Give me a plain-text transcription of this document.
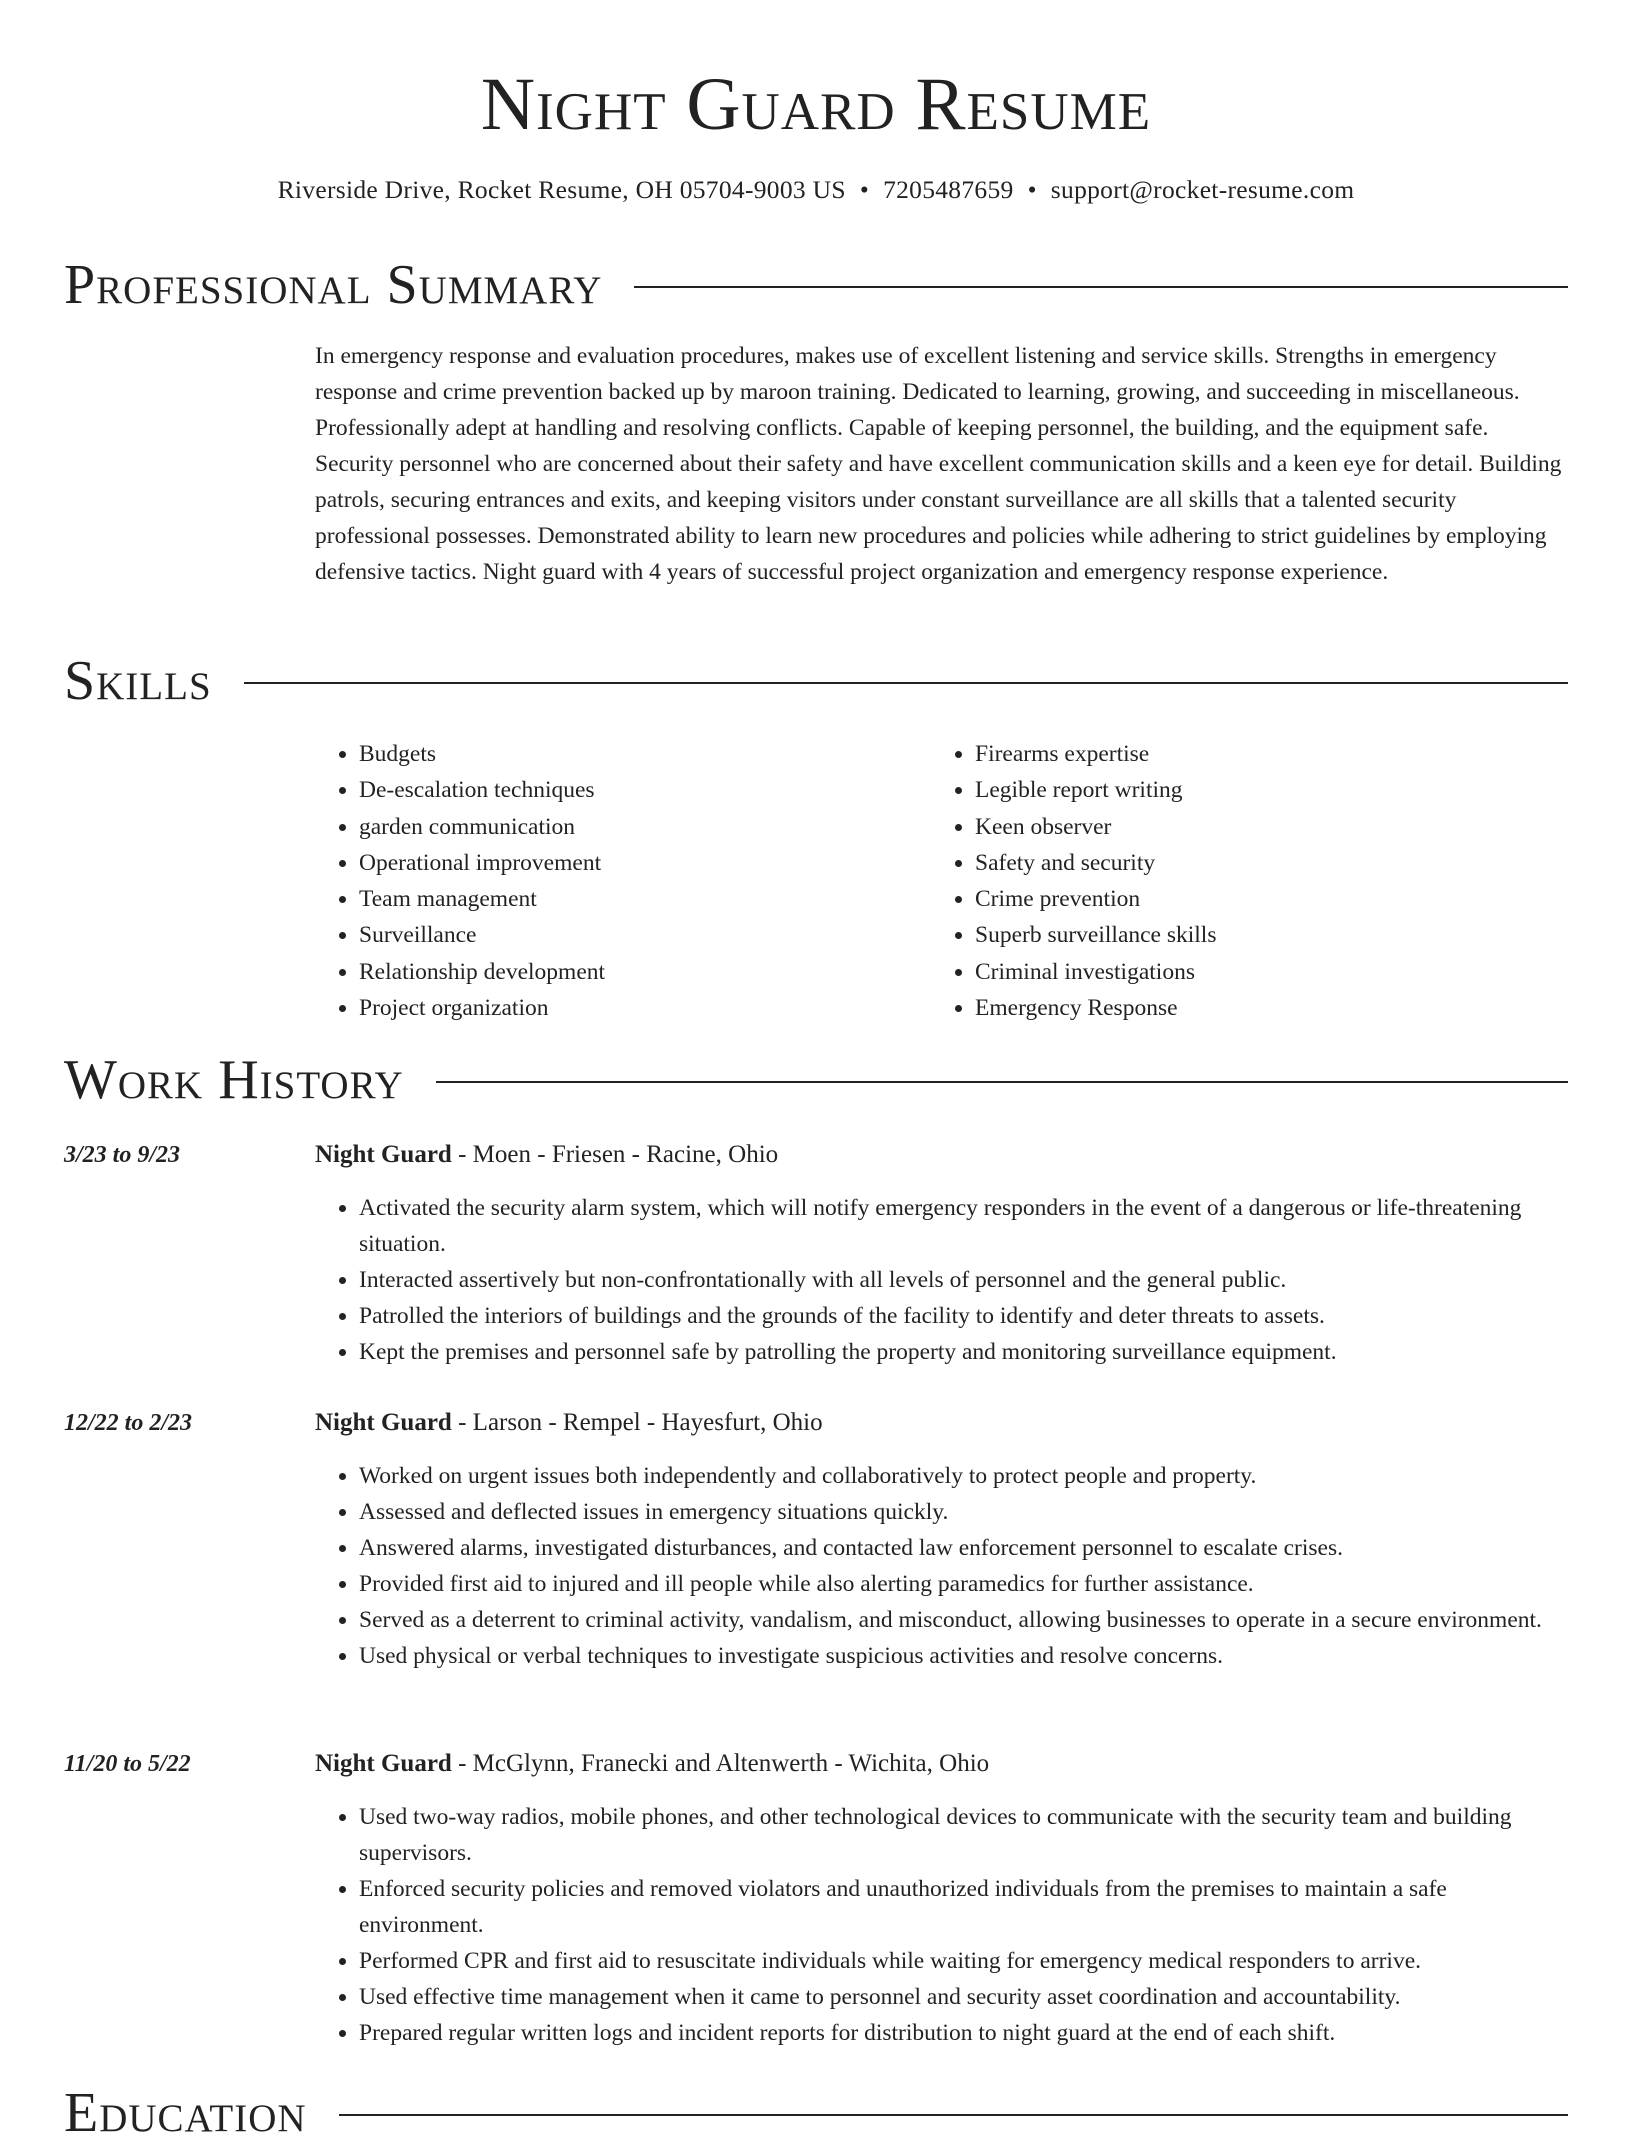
Night Guard Resume
Riverside Drive, Rocket Resume, OH 05704-9003 US • 7205487659 • support@rocket-resume.com
Professional Summary

In emergency response and evaluation procedures, makes use of excellent listening and service skills. Strengths in emergency response and crime prevention backed up by maroon training. Dedicated to learning, growing, and succeeding in miscellaneous. Professionally adept at handling and resolving conflicts. Capable of keeping personnel, the building, and the equipment safe. Security personnel who are concerned about their safety and have excellent communication skills and a keen eye for detail. Building patrols, securing entrances and exits, and keeping visitors under constant surveillance are all skills that a talented security professional possesses. Demonstrated ability to learn new procedures and policies while adhering to strict guidelines by employing defensive tactics. Night guard with 4 years of successful project organization and emergency response experience.

Skills
• Budgets
• De-escalation techniques
• garden communication
• Operational improvement
• Team management
• Surveillance
• Relationship development
• Project organization
• Firearms expertise
• Legible report writing
• Keen observer
• Safety and security
• Crime prevention
• Superb surveillance skills
• Criminal investigations
• Emergency Response
Work History
3/23 to 9/23	Night Guard - Moen - Friesen - Racine, Ohio
• Activated the security alarm system, which will notify emergency responders in the event of a dangerous or life-threatening situation.
• Interacted assertively but non-confrontationally with all levels of personnel and the general public.
• Patrolled the interiors of buildings and the grounds of the facility to identify and deter threats to assets.
• Kept the premises and personnel safe by patrolling the property and monitoring surveillance equipment.
12/22 to 2/23	Night Guard - Larson - Rempel - Hayesfurt, Ohio
• Worked on urgent issues both independently and collaboratively to protect people and property.
• Assessed and deflected issues in emergency situations quickly.
• Answered alarms, investigated disturbances, and contacted law enforcement personnel to escalate crises.
• Provided first aid to injured and ill people while also alerting paramedics for further assistance.
• Served as a deterrent to criminal activity, vandalism, and misconduct, allowing businesses to operate in a secure environment.
• Used physical or verbal techniques to investigate suspicious activities and resolve concerns.
11/20 to 5/22	Night Guard - McGlynn, Franecki and Altenwerth - Wichita, Ohio
• Used two-way radios, mobile phones, and other technological devices to communicate with the security team and building supervisors.
• Enforced security policies and removed violators and unauthorized individuals from the premises to maintain a safe environment.
• Performed CPR and first aid to resuscitate individuals while waiting for emergency medical responders to arrive.
• Used effective time management when it came to personnel and security asset coordination and accountability.
• Prepared regular written logs and incident reports for distribution to night guard at the end of each shift.
Education
